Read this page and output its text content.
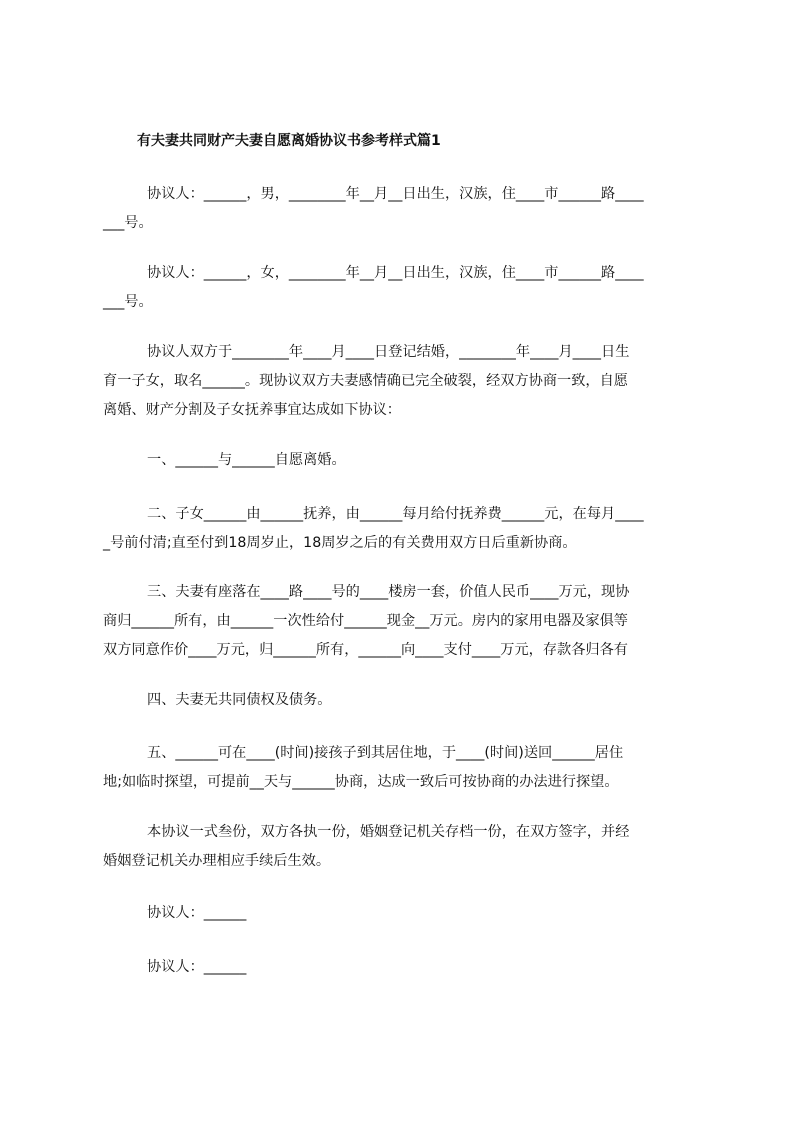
有夫妻共同财产夫妻自愿离婚协议书参考样式篇1

协议人：______，男，________年__月__日出生，汉族，住____市______路____
___号。

协议人：______，女，________年__月__日出生，汉族，住____市______路____
___号。

协议人双方于________年____月____日登记结婚，________年____月____日生
育一子女，取名______。现协议双方夫妻感情确已完全破裂，经双方协商一致，自愿
离婚、财产分割及子女抚养事宜达成如下协议：

一、______与______自愿离婚。

二、子女______由______抚养，由______每月给付抚养费______元，在每月____
_号前付清;直至付到18周岁止，18周岁之后的有关费用双方日后重新协商。

三、夫妻有座落在____路____号的____楼房一套，价值人民币____万元，现协
商归______所有，由______一次性给付______现金__万元。房内的家用电器及家俱等
双方同意作价____万元，归______所有，______向____支付____万元，存款各归各有

四、夫妻无共同债权及债务。

五、______可在____(时间)接孩子到其居住地，于____(时间)送回______居住
地;如临时探望，可提前__天与______协商，达成一致后可按协商的办法进行探望。

本协议一式叁份，双方各执一份，婚姻登记机关存档一份，在双方签字，并经
婚姻登记机关办理相应手续后生效。

协议人：______

协议人：______
